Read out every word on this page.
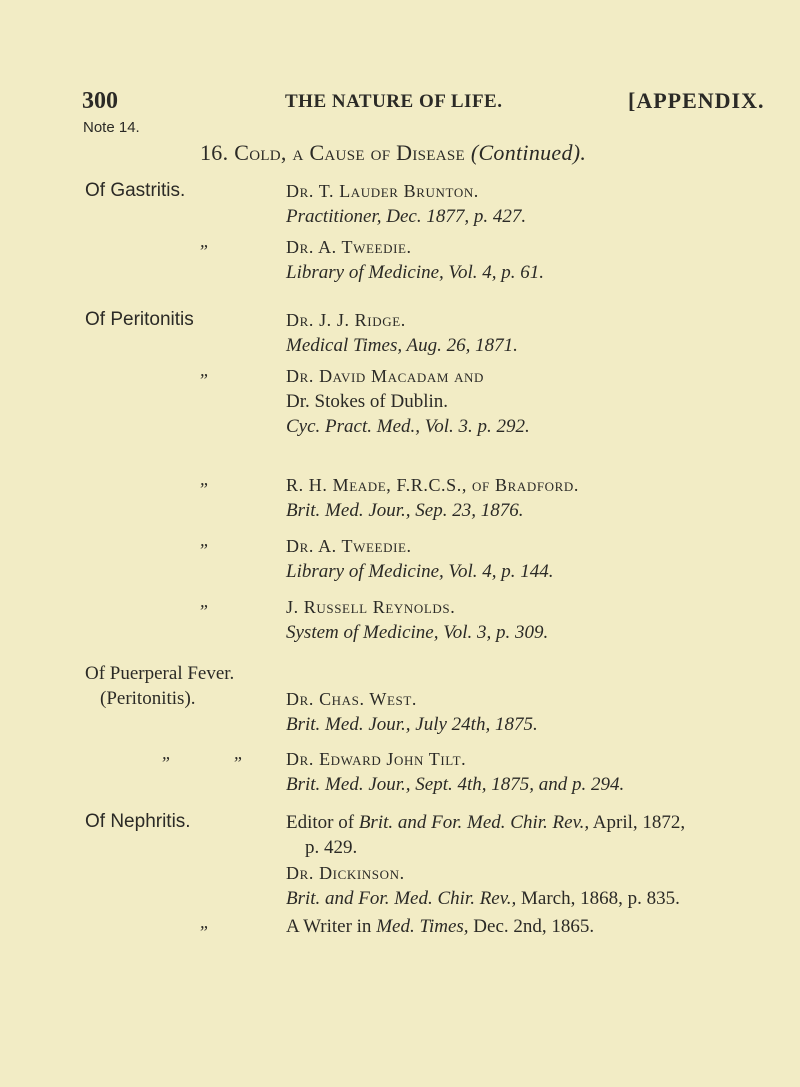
300	THE NATURE OF LIFE.	[APPENDIX.
Note 14.
16. Cold, a Cause of Disease (Continued).
Of Gastritis.	Dr. T. Lauder Brunton.
Practitioner, Dec. 1877, p. 427.
”	Dr. A. Tweedie.
Library of Medicine, Vol. 4, p. 61.
Of Peritonitis	Dr. J. J. Ridge.
Medical Times, Aug. 26, 1871.
”	Dr. David Macadam and
Dr. Stokes of Dublin.
Cyc. Pract. Med., Vol. 3. p. 292.
”	R. H. Meade, F.R.C.S., of Bradford.
Brit. Med. Jour., Sep. 23, 1876.
”	Dr. A. Tweedie.
Library of Medicine, Vol. 4, p. 144.
”	J. Russell Reynolds.
System of Medicine, Vol. 3, p. 309.
Of Puerperal Fever.
(Peritonitis).	Dr. Chas. West.
Brit. Med. Jour., July 24th, 1875.
”	” Dr. Edward John Tilt.
Brit. Med. Jour., Sept. 4th, 1875, and p. 294.
Of Nephritis.	Editor of Brit. and For. Med. Chir. Rev., April, 1872,
p. 429.
Dr. Dickinson.
Brit. and For. Med. Chir. Rev., March, 1868, p. 835.
”	A Writer in Med. Times, Dec. 2nd, 1865.
